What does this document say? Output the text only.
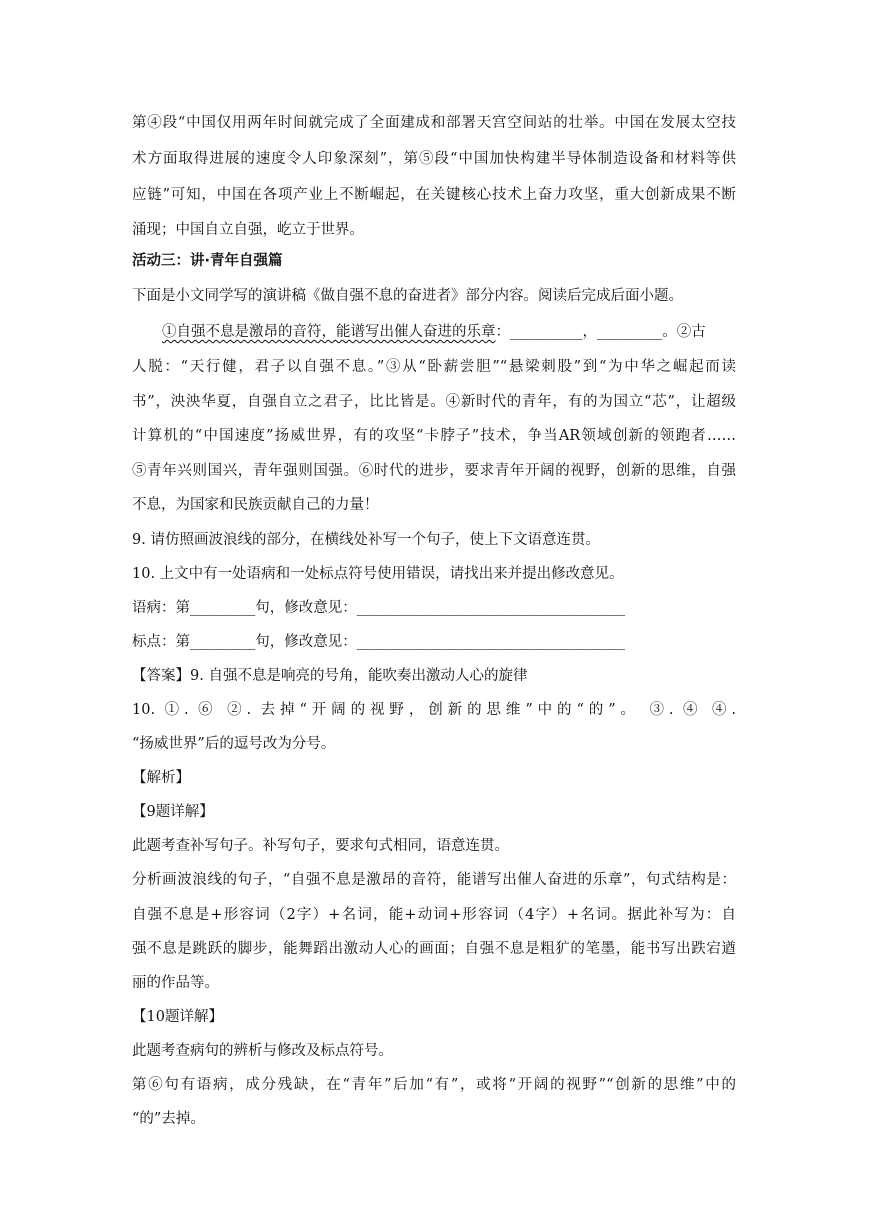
第④段“中国仅用两年时间就完成了全面建成和部署天宫空间站的壮举。中国在发展太空技
术方面取得进展的速度令人印象深刻”，第⑤段“中国加快构建半导体制造设备和材料等供
应链”可知，中国在各项产业上不断崛起，在关键核心技术上奋力攻坚，重大创新成果不断
涌现；中国自立自强，屹立于世界。
活动三：讲·青年自强篇
下面是小文同学写的演讲稿《做自强不息的奋进者》部分内容。阅读后完成后面小题。
①自强不息是激昂的音符，能谱写出催人奋进的乐章：__________，_________。②古
人脱：“天行健，君子以自强不息。”③从“卧薪尝胆”“悬梁刺股”到“为中华之崛起而读
书”，泱泱华夏，自强自立之君子，比比皆是。④新时代的青年，有的为国立“芯”，让超级
计算机的“中国速度”扬威世界，有的攻坚“卡脖子”技术，争当AR领域创新的领跑者……
⑤青年兴则国兴，青年强则国强。⑥时代的进步，要求青年开阔的视野，创新的思维，自强
不息，为国家和民族贡献自己的力量！
9. 请仿照画波浪线的部分，在横线处补写一个句子，使上下文语意连贯。
10. 上文中有一处语病和一处标点符号使用错误，请找出来并提出修改意见。
语病：第_________句，修改意见：_____________________________________
标点：第_________句，修改意见：_____________________________________
【答案】9. 自强不息是响亮的号角，能吹奏出激动人心的旋律
10. ①. ⑥ ②. 去掉“开阔的视野，创新的思维”中的“的”。 ③. ④ ④.
“扬威世界”后的逗号改为分号。
【解析】
【9题详解】
此题考查补写句子。补写句子，要求句式相同，语意连贯。
分析画波浪线的句子，“自强不息是激昂的音符，能谱写出催人奋进的乐章”，句式结构是：
自强不息是+形容词（2字）+名词，能+动词+形容词（4字）+名词。据此补写为：自
强不息是跳跃的脚步，能舞蹈出激动人心的画面；自强不息是粗犷的笔墨，能书写出跌宕遒
丽的作品等。
【10题详解】
此题考查病句的辨析与修改及标点符号。
第⑥句有语病，成分残缺，在“青年”后加“有”，或将“开阔的视野”“创新的思维”中的
“的”去掉。
